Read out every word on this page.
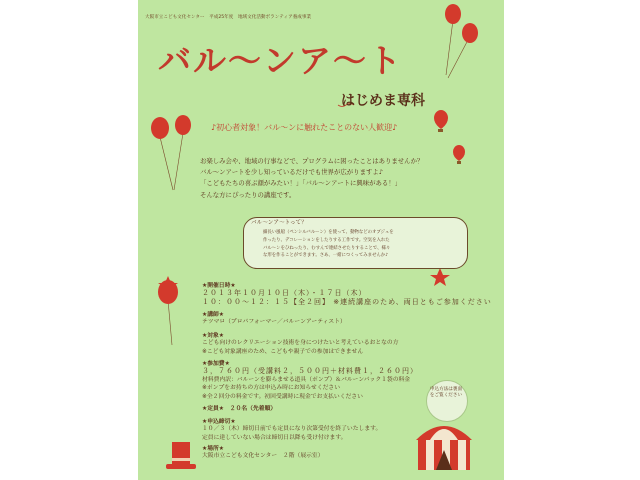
大阪市立こども文化センター　平成25年度　地域文化活動ボランティア養成事業
バル〜ンア〜ト
はじめま専科
♪初心者対象！バル〜ンに触れたことのない人歓迎♪
お楽しみ会や、地域の行事などで、プログラムに困ったことはありませんか？
バル〜ンアートを少し知っているだけでも世界が広がりますよ♪
「こどもたちの喜ぶ顔がみたい！」「バル〜ンアートに興味がある！」
そんな方にぴったりの講座です。
バル〜ンア〜トって？
細長い風船（ペンシルバルーン）を使って、動物などのオブジェを
作ったり、デコレーションをしたりする工作です。空気を入れた
バル〜ンをひねったり、むすんで連結させたりすることで、様々
な形を作ることができます。さあ、一緒につくってみませんか♪
★開催日時★
２０１３年１０月１０日（木）・１７日（木）
１０：００〜１２：１５【全２回】 ※連続講座のため、両日ともご参加ください
★講師★
テツマロ（プロパフォーマー／バルーンアーティスト）
★対象★
こども向けのレクリエーション技術を身につけたいと考えているおとなの方
※こども対象講座のため、こどもや親子での参加はできません
★参加費★
３，７６０円（受講料２，５００円＋材料費１，２６０円）
材料費内訳：バルーンを膨らませる道具（ポンプ）＆バルーンパック１袋の料金
※ポンプをお持ちの方は申込み時にお知らせください
※全２回分の料金です。初回受講時に現金でお支払いください
★定員★　２０名（先着順）
★申込締切★
１０／３（木）締切日前でも定員になり次第受付を終了いたします。
定員に達していない場合は締切日以降も受け付けます。
★場所★
大阪市立こども文化センター　２階（展示室）
申込方法は裏面をご覧ください
